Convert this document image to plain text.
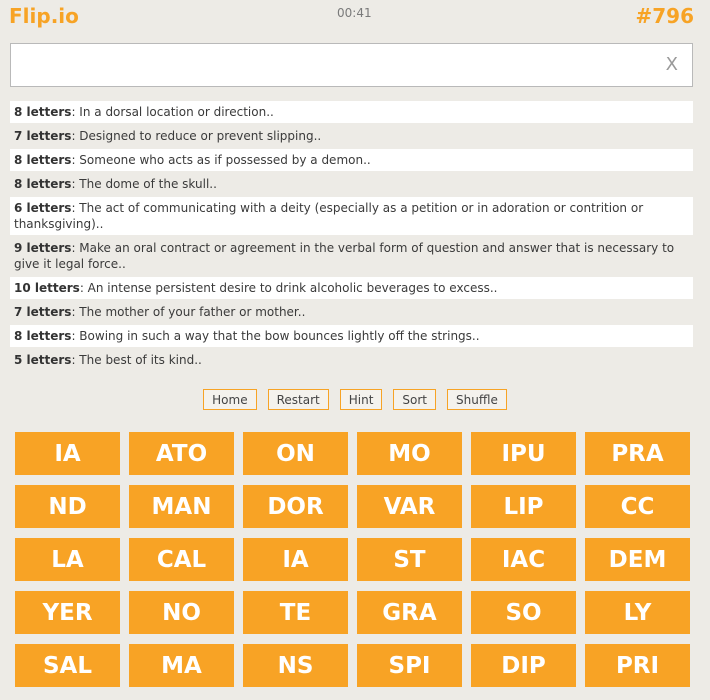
Flip.io	00:41	#796
X
8 letters: In a dorsal location or direction..
7 letters: Designed to reduce or prevent slipping..
8 letters: Someone who acts as if possessed by a demon..
8 letters: The dome of the skull..
6 letters: The act of communicating with a deity (especially as a petition or in adoration or contrition or thanksgiving)..
9 letters: Make an oral contract or agreement in the verbal form of question and answer that is necessary to give it legal force..
10 letters: An intense persistent desire to drink alcoholic beverages to excess..
7 letters: The mother of your father or mother..
8 letters: Bowing in such a way that the bow bounces lightly off the strings..
5 letters: The best of its kind..
Home	Restart	Hint	Sort	Shuffle
IA	ATO	ON	MO	IPU	PRA
ND	MAN	DOR	VAR	LIP	CC
LA	CAL	IA	ST	IAC	DEM
YER	NO	TE	GRA	SO	LY
SAL	MA	NS	SPI	DIP	PRI
